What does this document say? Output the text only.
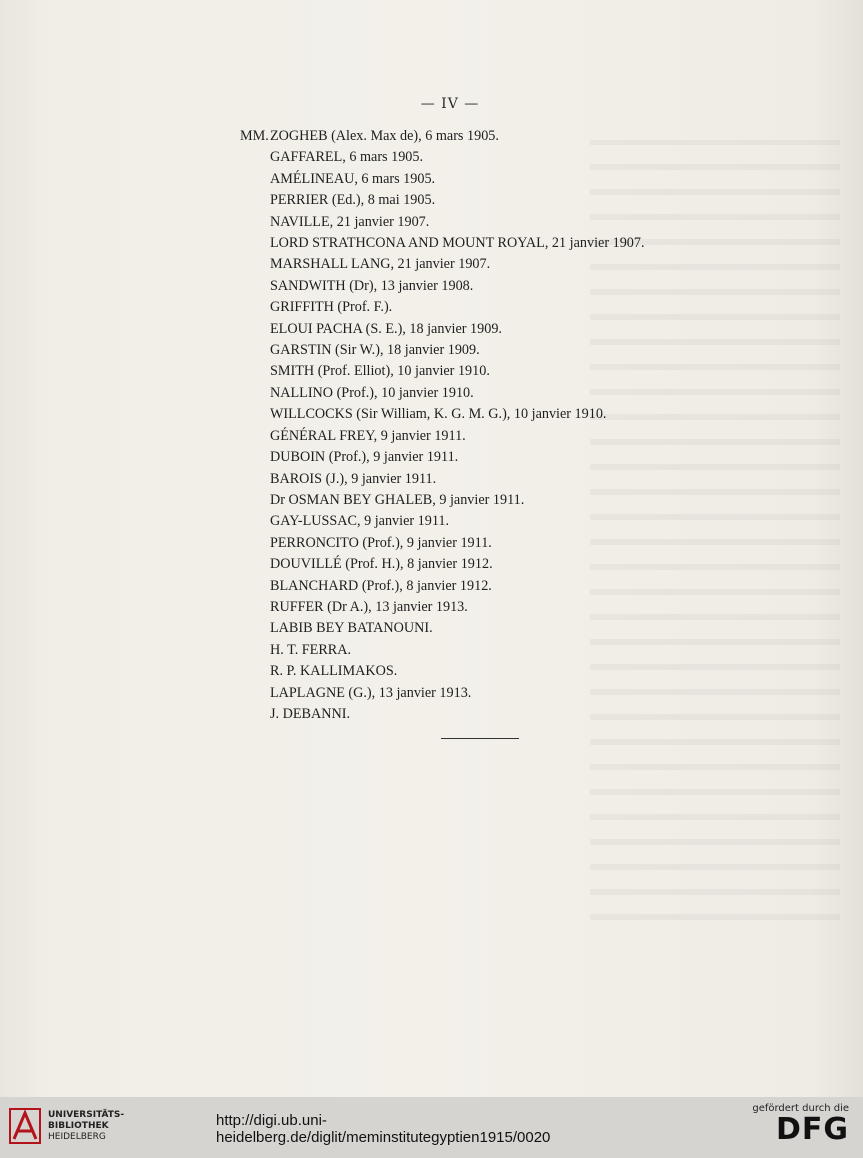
— IV —
MM.ZOGHEB (Alex. Max de), 6 mars 1905.
GAFFAREL, 6 mars 1905.
AMÉLINEAU, 6 mars 1905.
PERRIER (Ed.), 8 mai 1905.
NAVILLE, 21 janvier 1907.
LORD STRATHCONA AND MOUNT ROYAL, 21 janvier 1907.
MARSHALL LANG, 21 janvier 1907.
SANDWITH (Dr), 13 janvier 1908.
GRIFFITH (Prof. F.).
ELOUI PACHA (S. E.), 18 janvier 1909.
GARSTIN (Sir W.), 18 janvier 1909.
SMITH (Prof. Elliot), 10 janvier 1910.
NALLINO (Prof.), 10 janvier 1910.
WILLCOCKS (Sir William, K. G. M. G.), 10 janvier 1910.
GÉNÉRAL FREY, 9 janvier 1911.
DUBOIN (Prof.), 9 janvier 1911.
BAROIS (J.), 9 janvier 1911.
Dr OSMAN BEY GHALEB, 9 janvier 1911.
GAY-LUSSAC, 9 janvier 1911.
PERRONCITO (Prof.), 9 janvier 1911.
DOUVILLÉ (Prof. H.), 8 janvier 1912.
BLANCHARD (Prof.), 8 janvier 1912.
RUFFER (Dr A.), 13 janvier 1913.
LABIB BEY BATANOUNI.
H. T. FERRA.
R. P. KALLIMAKOS.
LAPLAGNE (G.), 13 janvier 1913.
J. DEBANNI.
UNIVERSITÄTS-
BIBLIOTHEK
HEIDELBERG
http://digi.ub.uni-heidelberg.de/diglit/meminstitutegyptien1915/0020
gefördert durch die
DFG
